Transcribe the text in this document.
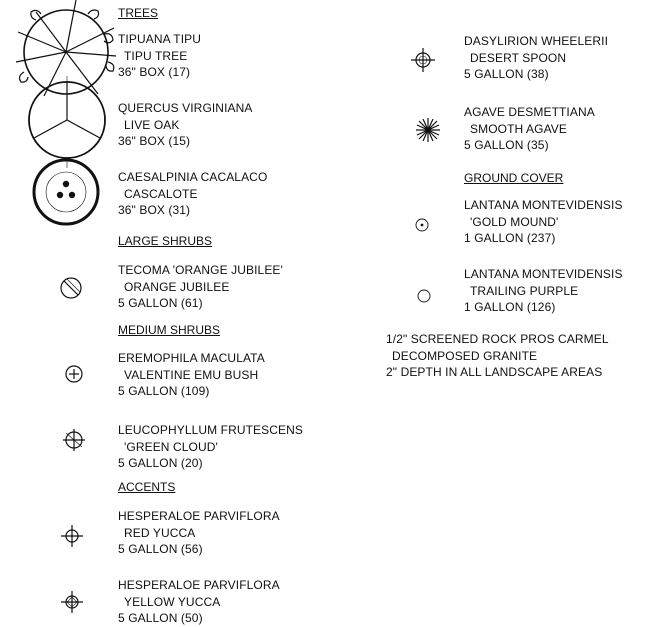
TREES
TIPUANA TIPU
TIPU TREE
36" BOX (17)
QUERCUS VIRGINIANA
LIVE OAK
36" BOX (15)
CAESALPINIA CACALACO
CASCALOTE
36" BOX (31)
LARGE SHRUBS
TECOMA 'ORANGE JUBILEE'
ORANGE JUBILEE
5 GALLON (61)
MEDIUM SHRUBS
EREMOPHILA MACULATA
VALENTINE EMU BUSH
5 GALLON (109)
LEUCOPHYLLUM FRUTESCENS
'GREEN CLOUD'
5 GALLON (20)
ACCENTS
HESPERALOE PARVIFLORA
RED YUCCA
5 GALLON (56)
HESPERALOE PARVIFLORA
YELLOW YUCCA
5 GALLON (50)
DASYLIRION WHEELERII
DESERT SPOON
5 GALLON (38)
AGAVE DESMETTIANA
SMOOTH AGAVE
5 GALLON (35)
GROUND COVER
LANTANA MONTEVIDENSIS
'GOLD MOUND'
1 GALLON (237)
LANTANA MONTEVIDENSIS
TRAILING PURPLE
1 GALLON (126)
1/2" SCREENED ROCK PROS CARMEL
DECOMPOSED GRANITE
2" DEPTH IN ALL LANDSCAPE AREAS
